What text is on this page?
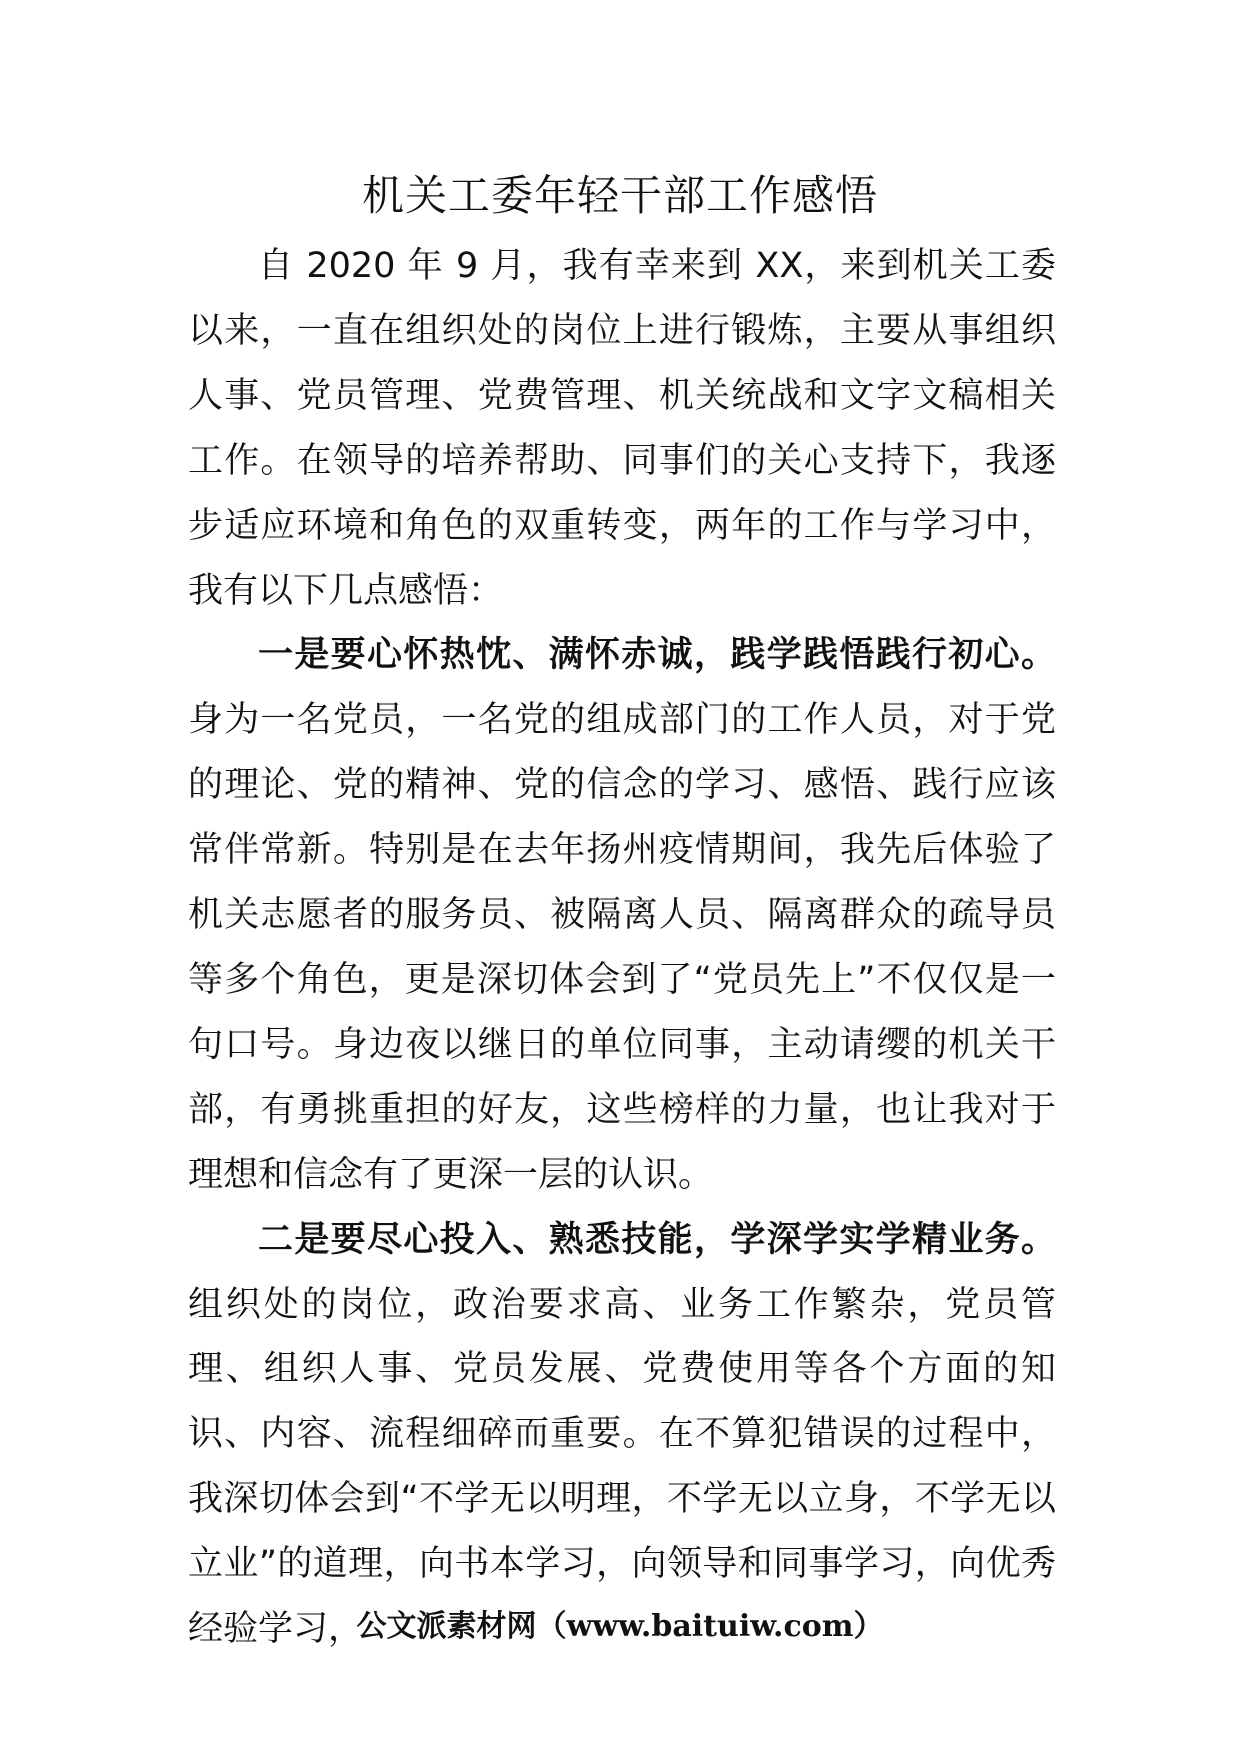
机关工委年轻干部工作感悟

自 2020 年 9 月，我有幸来到 XX，来到机关工委以来，一直在组织处的岗位上进行锻炼，主要从事组织人事、党员管理、党费管理、机关统战和文字文稿相关工作。在领导的培养帮助、同事们的关心支持下，我逐步适应环境和角色的双重转变，两年的工作与学习中，我有以下几点感悟：

一是要心怀热忱、满怀赤诚，践学践悟践行初心。身为一名党员，一名党的组成部门的工作人员，对于党的理论、党的精神、党的信念的学习、感悟、践行应该常伴常新。特别是在去年扬州疫情期间，我先后体验了机关志愿者的服务员、被隔离人员、隔离群众的疏导员等多个角色，更是深切体会到了“党员先上”不仅仅是一句口号。身边夜以继日的单位同事，主动请缨的机关干部，有勇挑重担的好友，这些榜样的力量，也让我对于理想和信念有了更深一层的认识。

二是要尽心投入、熟悉技能，学深学实学精业务。组织处的岗位，政治要求高、业务工作繁杂，党员管理、组织人事、党员发展、党费使用等各个方面的知识、内容、流程细碎而重要。在不算犯错误的过程中，我深切体会到“不学无以明理，不学无以立身，不学无以立业”的道理，向书本学习，向领导和同事学习，向优秀经验学习，

公文派素材网（www.baituiw.com）
